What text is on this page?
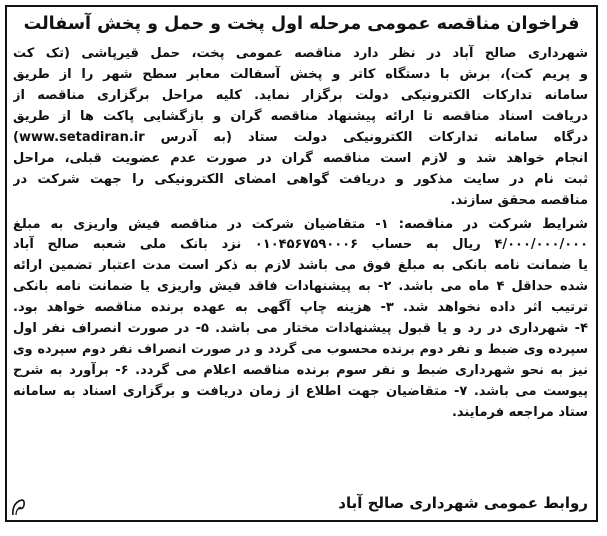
فراخوان مناقصه عمومی مرحله اول پخت و حمل و پخش آسفالت
شهرداری صالح آباد در نظر دارد مناقصه عمومی پخت، حمل قیرپاشی (تک کت
و پریم کت)، برش با دستگاه کاتر و پخش آسفالت معابر سطح شهر را از طریق
سامانه تدارکات الکترونیکی دولت برگزار نماید. کلیه مراحل برگزاری مناقصه از
دریافت اسناد مناقصه تا ارائه پیشنهاد مناقصه گران و بازگشایی پاکت ها از طریق
درگاه سامانه تدارکات الکترونیکی دولت ستاد (به آدرس www.setadiran.ir)
انجام خواهد شد و لازم است مناقصه گران در صورت عدم عضویت قبلی، مراحل
ثبت نام در سایت مذکور و دریافت گواهی امضای الکترونیکی را جهت شرکت در
مناقصه محقق سازند.
شرایط شرکت در مناقصه: ۱- متقاضیان شرکت در مناقصه فیش واریزی به مبلغ
۴/۰۰۰/۰۰۰/۰۰۰ ریال به حساب ۰۱۰۴۵۶۷۵۹۰۰۰۶ نزد بانک ملی شعبه صالح آباد
یا ضمانت نامه بانکی به مبلغ فوق می باشد لازم به ذکر است مدت اعتبار تضمین ارائه
شده حداقل ۴ ماه می باشد. ۲- به پیشنهادات فاقد فیش واریزی یا ضمانت نامه بانکی
ترتیب اثر داده نخواهد شد. ۳- هزینه چاپ آگهی به عهده برنده مناقصه خواهد بود.
۴- شهرداری در رد و یا قبول پیشنهادات مختار می باشد. ۵- در صورت انصراف نفر اول
سپرده وی ضبط و نفر دوم برنده محسوب می گردد و در صورت انصراف نفر دوم سپرده وی
نیز به نحو شهرداری ضبط و نفر سوم برنده مناقصه اعلام می گردد. ۶- برآورد به شرح
پیوست می باشد. ۷- متقاضیان جهت اطلاع از زمان دریافت و برگزاری اسناد به سامانه
ستاد مراجعه فرمایند.
روابط عمومی شهرداری صالح آباد
